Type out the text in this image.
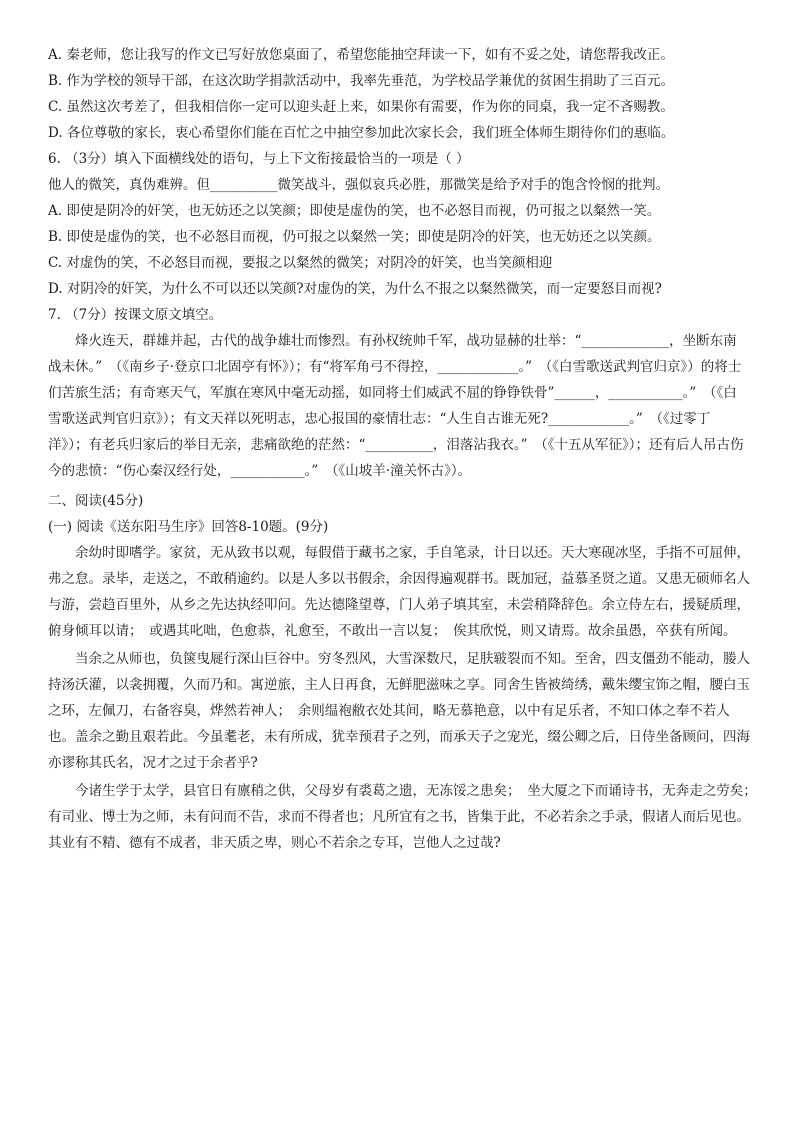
A. 秦老师，您让我写的作文已写好放您桌面了，希望您能抽空拜读一下，如有不妥之处，请您帮我改正。
B. 作为学校的领导干部，在这次助学捐款活动中，我率先垂范，为学校品学兼优的贫困生捐助了三百元。
C. 虽然这次考差了，但我相信你一定可以迎头赶上来，如果你有需要，作为你的同桌，我一定不吝赐教。
D. 各位尊敬的家长，衷心希望你们能在百忙之中抽空参加此次家长会，我们班全体师生期待你们的惠临。
6. （3分）填入下面横线处的语句，与上下文衔接最恰当的一项是（ ）
他人的微笑，真伪难辨。但__________微笑战斗，强似哀兵必胜，那微笑是给予对手的饱含怜悯的批判。
A. 即使是阴冷的奸笑，也无妨还之以笑颜；即使是虚伪的笑，也不必怒目而视，仍可报之以粲然一笑。
B. 即使是虚伪的笑，也不必怒目而视，仍可报之以粲然一笑；即使是阴冷的奸笑，也无妨还之以笑颜。
C. 对虚伪的笑，不必怒目而视，要报之以粲然的微笑；对阴冷的奸笑，也当笑颜相迎
D. 对阴冷的奸笑，为什么不可以还以笑颜?对虚伪的笑，为什么不报之以粲然微笑，而一定要怒目而视?
7. （7分）按课文原文填空。
烽火连天，群雄并起，古代的战争雄壮而惨烈。有孙权统帅千军，战功显赫的壮举：“_____________，坐断东南战未休。”　（《南乡子·登京口北固亭有怀》）；有“将军角弓不得控，____________。”　（《白雪歌送武判官归京》）的将士们苦旅生活；有奇寒天气，军旗在寒风中毫无动摇，如同将士们威武不屈的铮铮铁骨”______，___________。”　（《白雪歌送武判官归京》）；有文天祥以死明志，忠心报国的豪情壮志：“人生自古谁无死?____________。”　（《过零丁洋》）；有老兵归家后的举目无亲，悲痛欲绝的茫然：“__________，泪落沾我衣。”　（《十五从军征》）；还有后人吊古伤今的悲愤：“伤心秦汉经行处，___________。”　（《山坡羊·潼关怀古》）。
二、阅读(45分)
(一) 阅读《送东阳马生序》回答8-10题。(9分)
余幼时即嗜学。家贫，无从致书以观，每假借于藏书之家，手自笔录，计日以还。天大寒砚冰坚，手指不可屈伸，弗之怠。录毕，走送之，不敢稍逾约。以是人多以书假余，余因得遍观群书。既加冠，益慕圣贤之道。又患无硕师名人与游，尝趋百里外，从乡之先达执经叩问。先达德隆望尊，门人弟子填其室，未尝稍降辞色。余立侍左右，援疑质理，俯身倾耳以请；　或遇其叱咄，色愈恭，礼愈至，不敢出一言以复；　俟其欣悦，则又请焉。故余虽愚，卒获有所闻。
当余之从师也，负箧曳屣行深山巨谷中。穷冬烈风，大雪深数尺，足肤皲裂而不知。至舍，四支僵劲不能动，媵人持汤沃灌，以衾拥覆，久而乃和。寓逆旅，主人日再食，无鲜肥滋味之享。同舍生皆被绮绣，戴朱缨宝饰之帽，腰白玉之环，左佩刀，右备容臭，烨然若神人；　余则缊袍敝衣处其间，略无慕艳意，以中有足乐者，不知口体之奉不若人也。盖余之勤且艰若此。今虽耄老，未有所成，犹幸预君子之列，而承天子之宠光，缀公卿之后，日侍坐备顾问，四海亦谬称其氏名，况才之过于余者乎?
今诸生学于太学，县官日有廪稍之供，父母岁有裘葛之遗，无冻馁之患矣；　坐大厦之下而诵诗书，无奔走之劳矣；　有司业、博士为之师，未有问而不告，求而不得者也；凡所宜有之书，皆集于此，不必若余之手录，假诸人而后见也。其业有不精、德有不成者，非天质之卑，则心不若余之专耳，岂他人之过哉?
